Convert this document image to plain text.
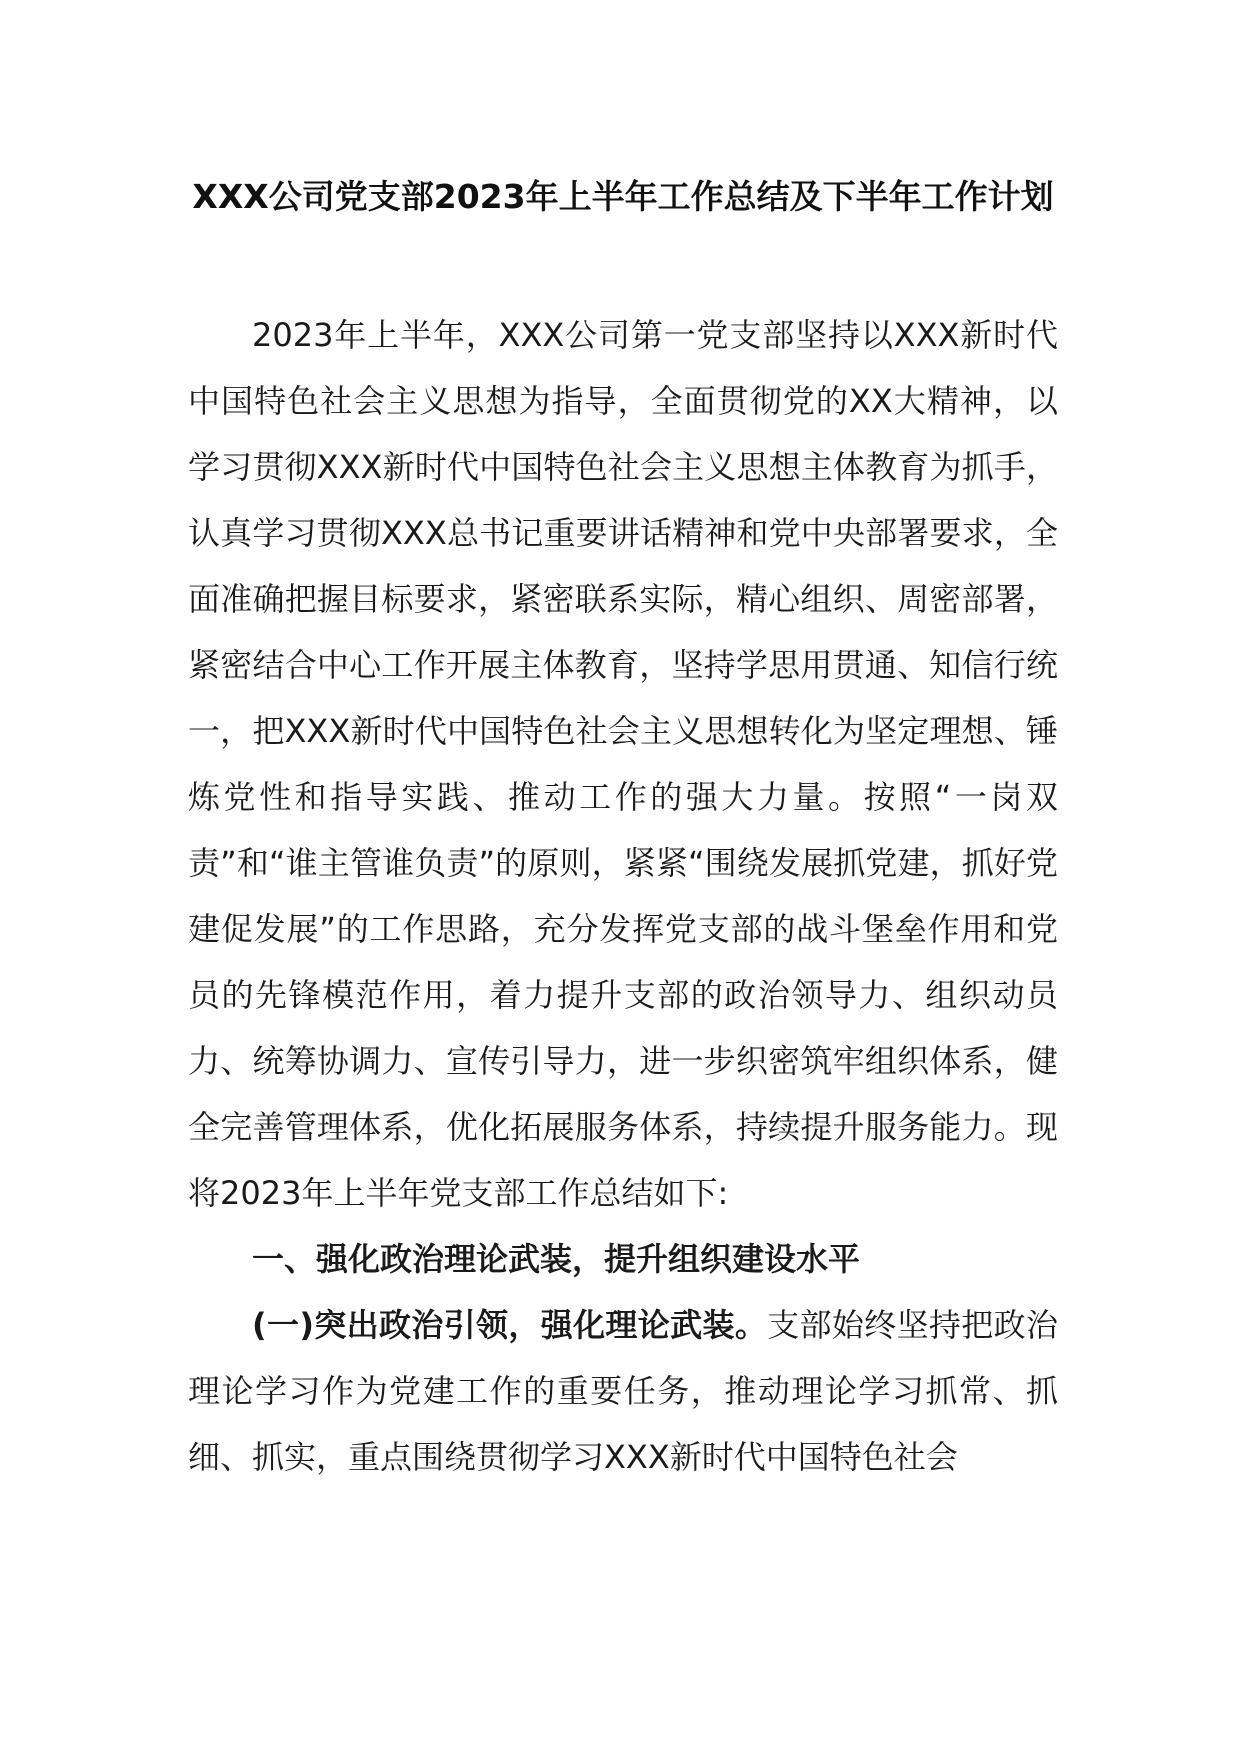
XXX公司党支部2023年上半年工作总结及下半年工作计划

2023年上半年，XXX公司第一党支部坚持以XXX新时代中国特色社会主义思想为指导，全面贯彻党的XX大精神，以学习贯彻XXX新时代中国特色社会主义思想主体教育为抓手，认真学习贯彻XXX总书记重要讲话精神和党中央部署要求，全面准确把握目标要求，紧密联系实际，精心组织、周密部署，紧密结合中心工作开展主体教育，坚持学思用贯通、知信行统一，把XXX新时代中国特色社会主义思想转化为坚定理想、锤炼党性和指导实践、推动工作的强大力量。按照“一岗双责”和“谁主管谁负责”的原则，紧紧“围绕发展抓党建，抓好党建促发展”的工作思路，充分发挥党支部的战斗堡垒作用和党员的先锋模范作用，着力提升支部的政治领导力、组织动员力、统筹协调力、宣传引导力，进一步织密筑牢组织体系，健全完善管理体系，优化拓展服务体系，持续提升服务能力。现将2023年上半年党支部工作总结如下:

一、强化政治理论武装，提升组织建设水平

(一)突出政治引领，强化理论武装。支部始终坚持把政治理论学习作为党建工作的重要任务，推动理论学习抓常、抓细、抓实，重点围绕贯彻学习XXX新时代中国特色社会
